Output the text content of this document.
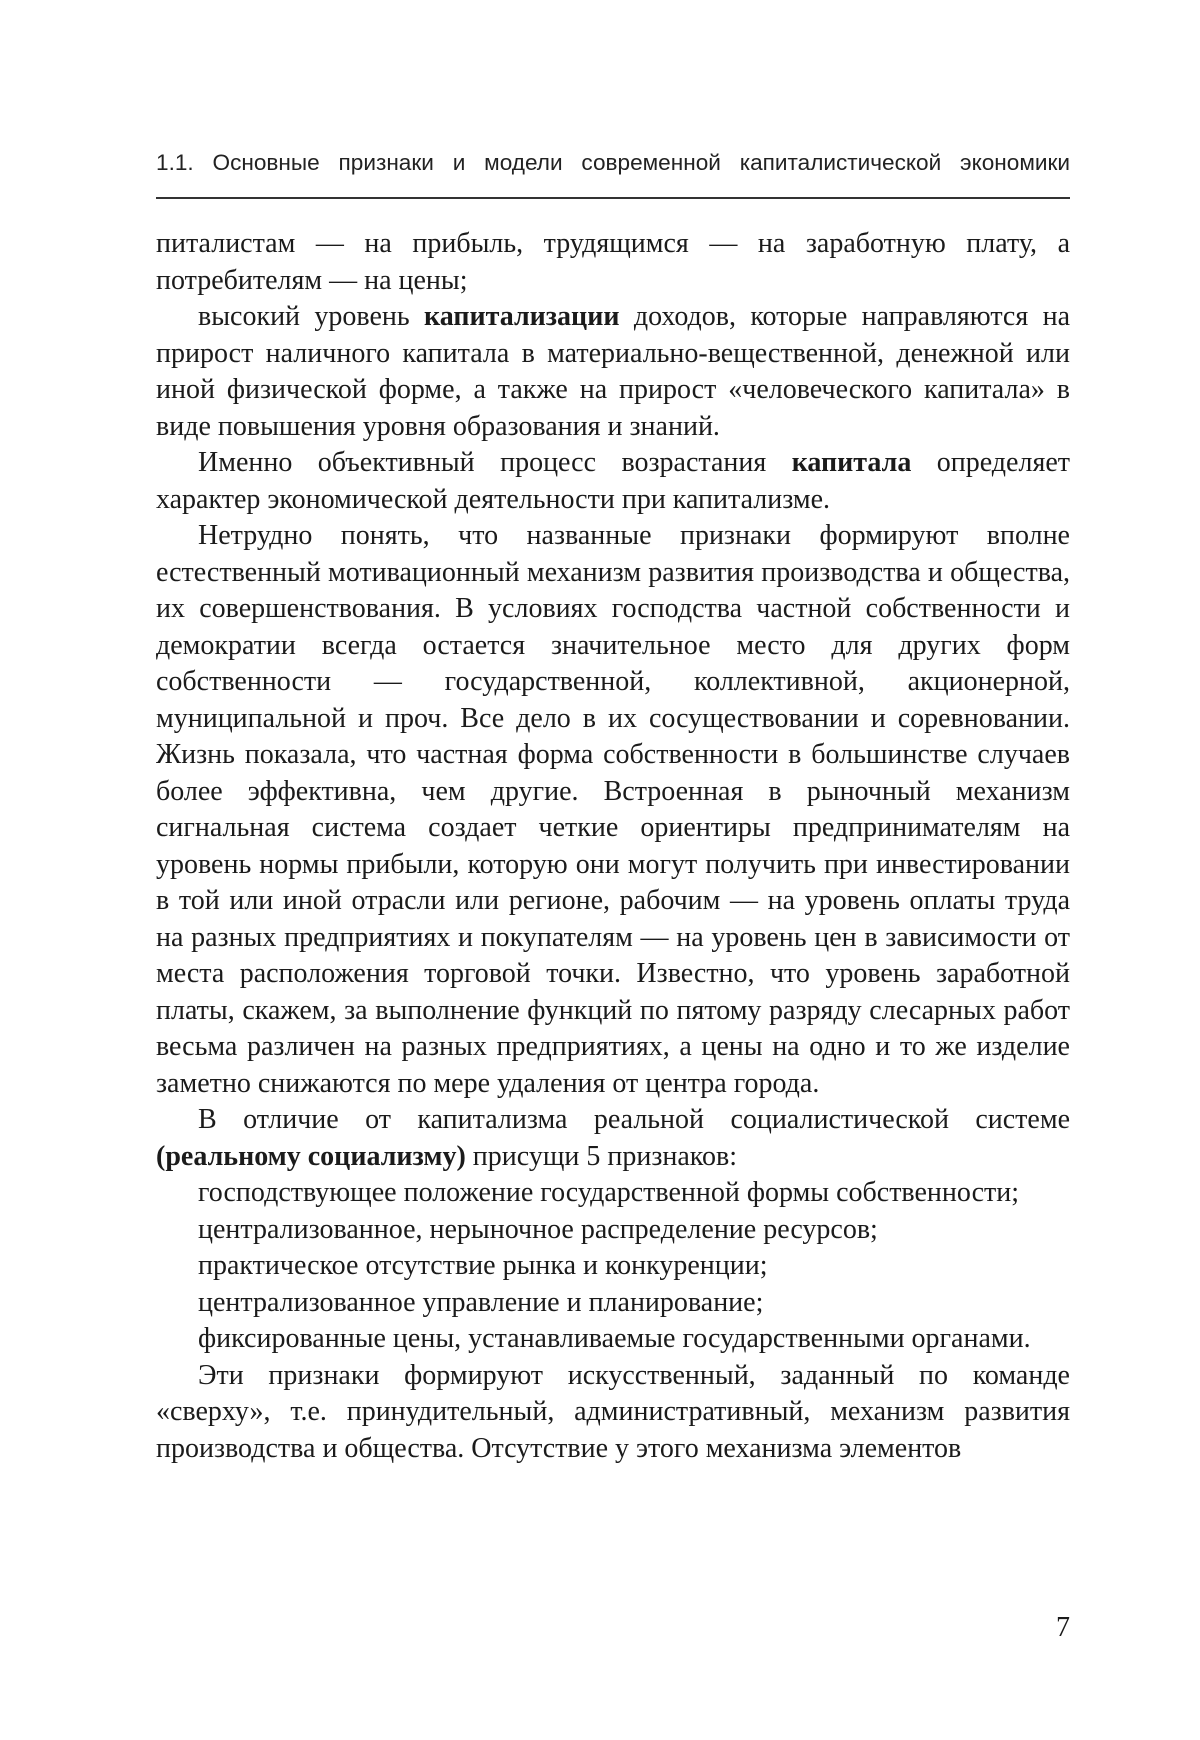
1.1. Основные признаки и модели современной капиталистической экономики

питалистам — на прибыль, трудящимся — на заработную плату, а потребителям — на цены;

высокий уровень капитализации доходов, которые направляются на прирост наличного капитала в материально-вещественной, денежной или иной физической форме, а также на прирост «человеческого капитала» в виде повышения уровня образования и знаний.

Именно объективный процесс возрастания капитала определяет характер экономической деятельности при капитализме.

Нетрудно понять, что названные признаки формируют вполне естественный мотивационный механизм развития производства и общества, их совершенствования. В условиях господства частной собственности и демократии всегда остается значительное место для других форм собственности — государственной, коллективной, акционерной, муниципальной и проч. Все дело в их сосуществовании и соревновании. Жизнь показала, что частная форма собственности в большинстве случаев более эффективна, чем другие. Встроенная в рыночный механизм сигнальная система создает четкие ориентиры предпринимателям на уровень нормы прибыли, которую они могут получить при инвестировании в той или иной отрасли или регионе, рабочим — на уровень оплаты труда на разных предприятиях и покупателям — на уровень цен в зависимости от места расположения торговой точки. Известно, что уровень заработной платы, скажем, за выполнение функций по пятому разряду слесарных работ весьма различен на разных предприятиях, а цены на одно и то же изделие заметно снижаются по мере удаления от центра города.

В отличие от капитализма реальной социалистической системе (реальному социализму) присущи 5 признаков:

господствующее положение государственной формы собственности;

централизованное, нерыночное распределение ресурсов;

практическое отсутствие рынка и конкуренции;

централизованное управление и планирование;

фиксированные цены, устанавливаемые государственными органами.

Эти признаки формируют искусственный, заданный по команде «сверху», т.е. принудительный, административный, механизм развития производства и общества. Отсутствие у этого механизма элементов

7
